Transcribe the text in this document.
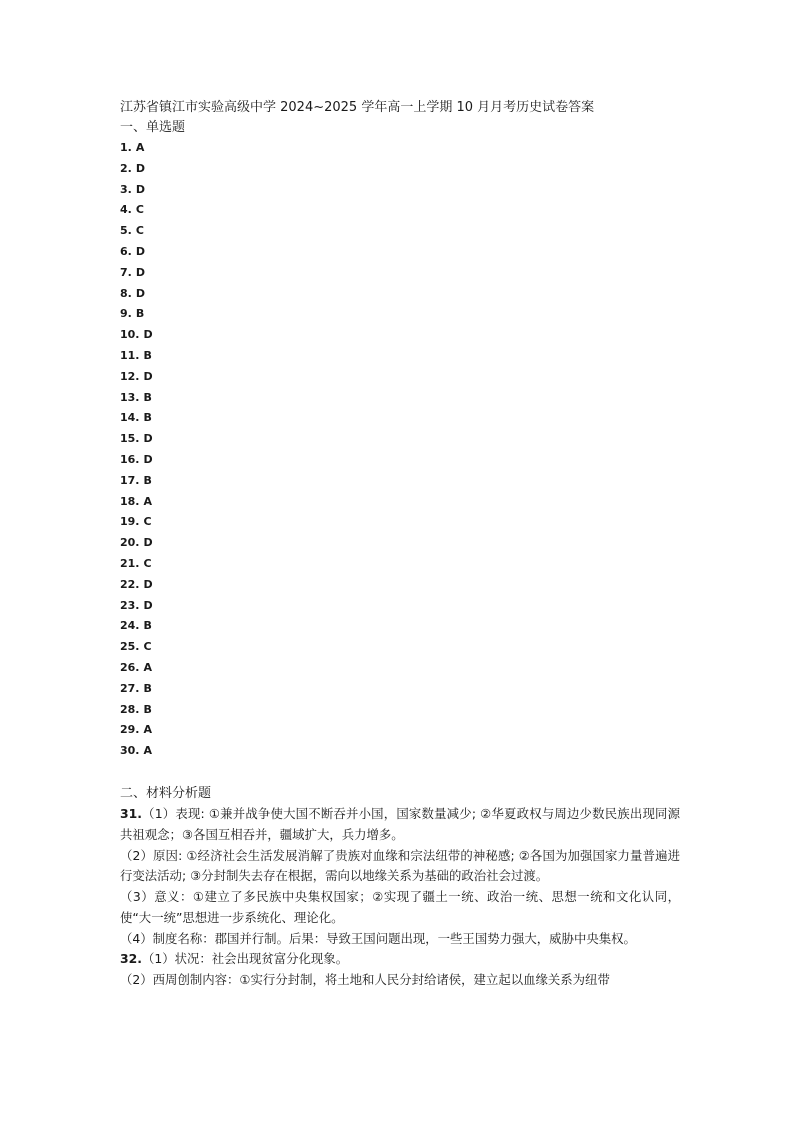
江苏省镇江市实验高级中学 2024~2025 学年高一上学期 10 月月考历史试卷答案
一、单选题
1. A
2. D
3. D
4. C
5. C
6. D
7. D
8. D
9. B
10. D
11. B
12. D
13. B
14. B
15. D
16. D
17. B
18. A
19. C
20. D
21. C
22. D
23. D
24. B
25. C
26. A
27. B
28. B
29. A
30. A
二、材料分析题
31.（1）表现: ①兼并战争使大国不断吞并小国，国家数量减少; ②华夏政权与周边少数民族出现同源共祖观念；③各国互相吞并，疆域扩大，兵力增多。
（2）原因: ①经济社会生活发展消解了贵族对血缘和宗法纽带的神秘感; ②各国为加强国家力量普遍进行变法活动; ③分封制失去存在根据，需向以地缘关系为基础的政治社会过渡。
（3）意义：①建立了多民族中央集权国家；②实现了疆土一统、政治一统、思想一统和文化认同，使“大一统”思想进一步系统化、理论化。
（4）制度名称：郡国并行制。后果：导致王国问题出现，一些王国势力强大，威胁中央集权。
32.（1）状况：社会出现贫富分化现象。
（2）西周创制内容：①实行分封制，将土地和人民分封给诸侯，建立起以血缘关系为纽带
